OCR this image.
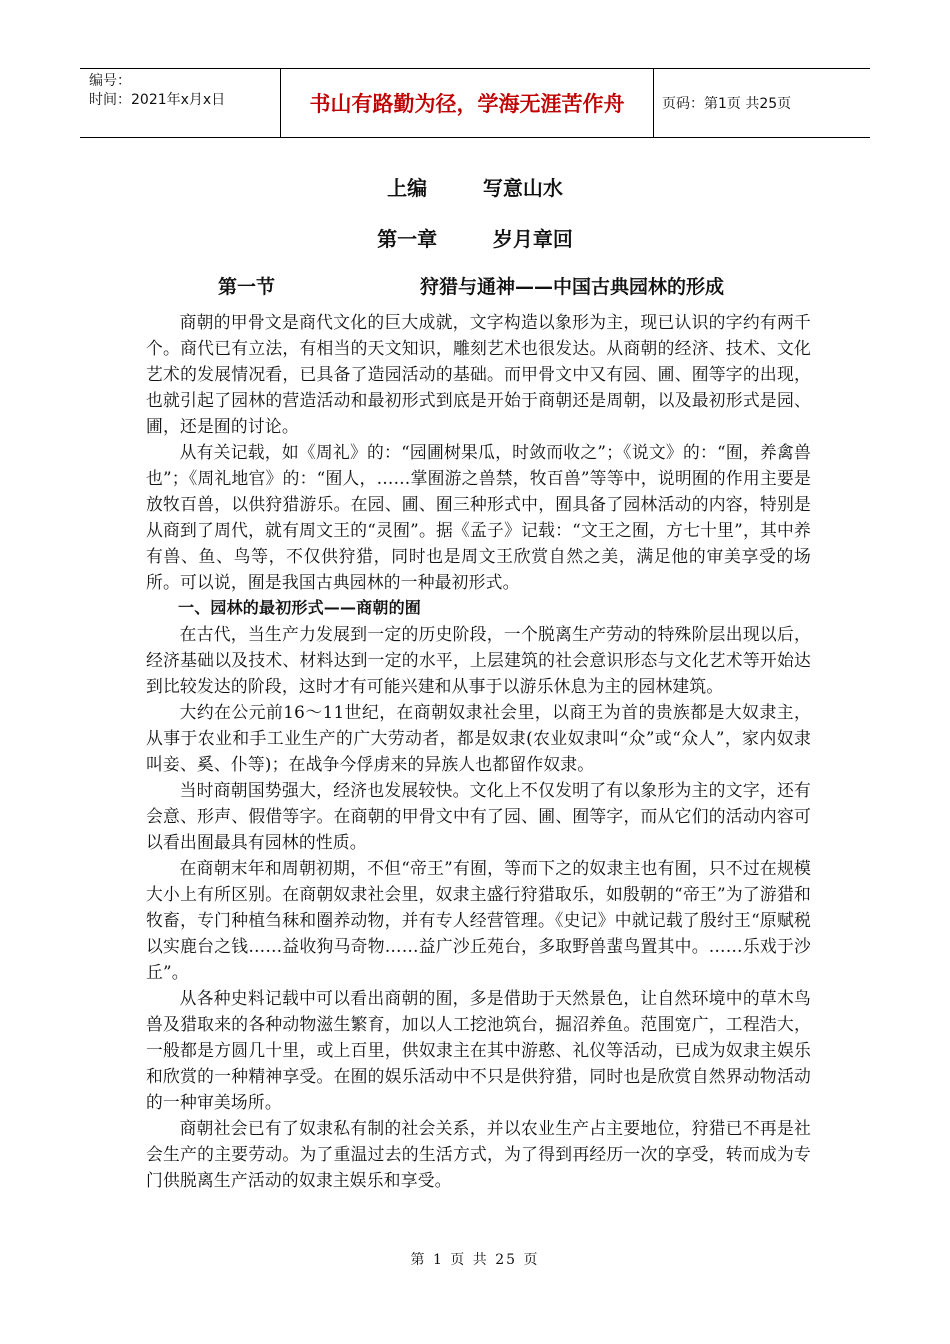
编号：
时间：2021年x月x日	书山有路勤为径，学海无涯苦作舟	页码：第1页 共25页
上编        写意山水
第一章        岁月章回
第一节	狩猎与通神——中国古典园林的形成

商朝的甲骨文是商代文化的巨大成就，文字构造以象形为主，现已认识的字约有两千个。商代已有立法，有相当的天文知识，雕刻艺术也很发达。从商朝的经济、技术、文化艺术的发展情况看，已具备了造园活动的基础。而甲骨文中又有园、圃、囿等字的出现，也就引起了园林的营造活动和最初形式到底是开始于商朝还是周朝，以及最初形式是园、圃，还是囿的讨论。

从有关记载，如《周礼》的：“园圃树果瓜，时敛而收之”；《说文》的：“囿，养禽兽也”；《周礼地官》的：“囿人，……掌囿游之兽禁，牧百兽”等等中，说明囿的作用主要是放牧百兽，以供狩猎游乐。在园、圃、囿三种形式中，囿具备了园林活动的内容，特别是从商到了周代，就有周文王的“灵囿”。据《孟子》记载：“文王之囿，方七十里”，其中养有兽、鱼、鸟等，不仅供狩猎，同时也是周文王欣赏自然之美，满足他的审美享受的场所。可以说，囿是我国古典园林的一种最初形式。

一、园林的最初形式——商朝的囿

在古代，当生产力发展到一定的历史阶段，一个脱离生产劳动的特殊阶层出现以后，经济基础以及技术、材料达到一定的水平，上层建筑的社会意识形态与文化艺术等开始达到比较发达的阶段，这时才有可能兴建和从事于以游乐休息为主的园林建筑。

大约在公元前16～11世纪，在商朝奴隶社会里，以商王为首的贵族都是大奴隶主，从事于农业和手工业生产的广大劳动者，都是奴隶(农业奴隶叫“众”或“众人”，家内奴隶叫妾、奚、仆等)；在战争今俘虏来的异族人也都留作奴隶。

当时商朝国势强大，经济也发展较快。文化上不仅发明了有以象形为主的文字，还有会意、形声、假借等字。在商朝的甲骨文中有了园、圃、囿等字，而从它们的活动内容可以看出囿最具有园林的性质。

在商朝末年和周朝初期，不但“帝王”有囿，等而下之的奴隶主也有囿，只不过在规模大小上有所区别。在商朝奴隶社会里，奴隶主盛行狩猎取乐，如殷朝的“帝王”为了游猎和牧畜，专门种植刍秣和圈养动物，并有专人经营管理。《史记》中就记载了殷纣王“原赋税以实鹿台之钱……益收狗马奇物……益广沙丘苑台，多取野兽蜚鸟置其中。……乐戏于沙丘”。

从各种史料记载中可以看出商朝的囿，多是借助于天然景色，让自然环境中的草木鸟兽及猎取来的各种动物滋生繁育，加以人工挖池筑台，掘沼养鱼。范围宽广，工程浩大，一般都是方圆几十里，或上百里，供奴隶主在其中游憨、礼仪等活动，已成为奴隶主娱乐和欣赏的一种精神享受。在囿的娱乐活动中不只是供狩猎，同时也是欣赏自然界动物活动的一种审美场所。

商朝社会已有了奴隶私有制的社会关系，并以农业生产占主要地位，狩猎已不再是社会生产的主要劳动。为了重温过去的生活方式，为了得到再经历一次的享受，转而成为专门供脱离生产活动的奴隶主娱乐和享受。

第 1 页 共 25 页
